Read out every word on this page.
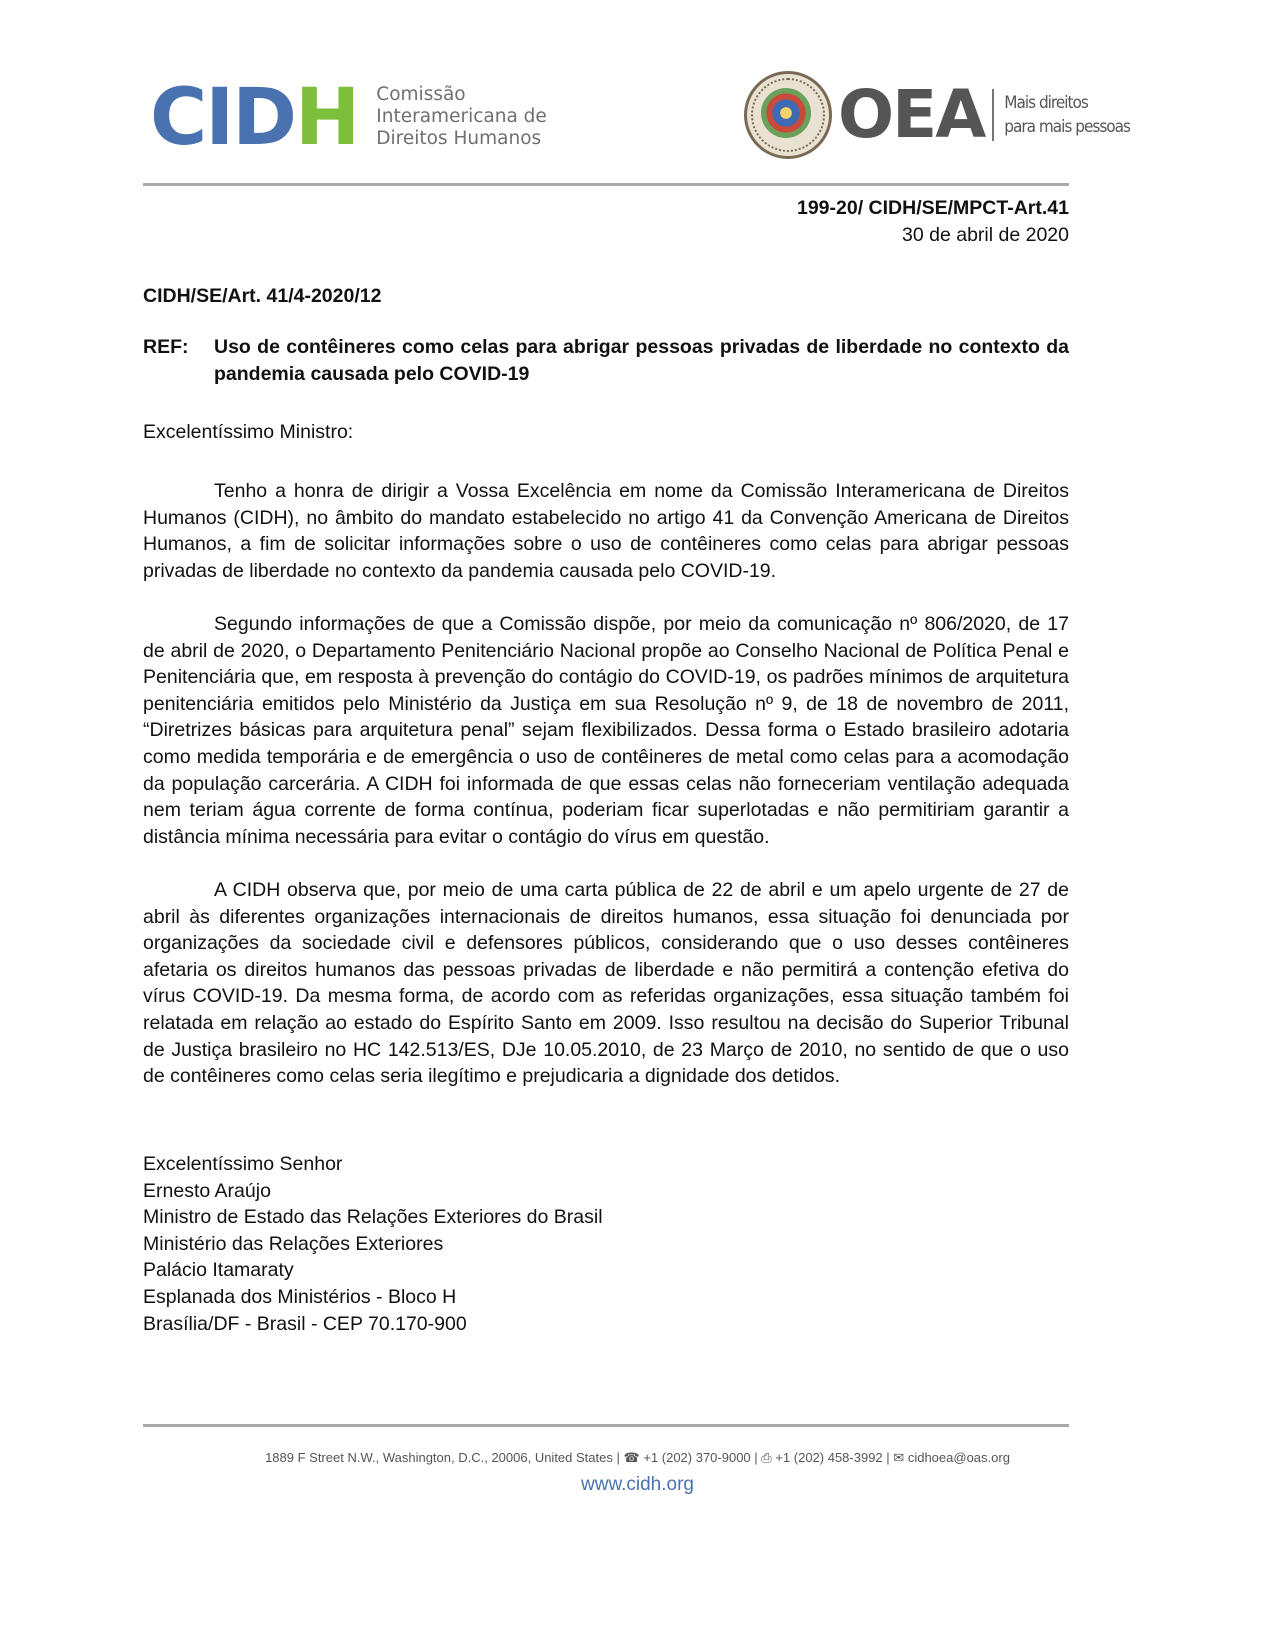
CIDH Comissão
Interamericana de
Direitos Humanos	OEA Mais direitos
para mais pessoas
199-20/ CIDH/SE/MPCT-Art.41
30 de abril de 2020
CIDH/SE/Art. 41/4-2020/12
REF:	Uso de contêineres como celas para abrigar pessoas privadas de liberdade no contexto da pandemia causada pelo COVID-19
Excelentíssimo Ministro:
Tenho a honra de dirigir a Vossa Excelência em nome da Comissão Interamericana de Direitos Humanos (CIDH), no âmbito do mandato estabelecido no artigo 41 da Convenção Americana de Direitos Humanos, a fim de solicitar informações sobre o uso de contêineres como celas para abrigar pessoas privadas de liberdade no contexto da pandemia causada pelo COVID-19.
Segundo informações de que a Comissão dispõe, por meio da comunicação nº 806/2020, de 17 de abril de 2020, o Departamento Penitenciário Nacional propõe ao Conselho Nacional de Política Penal e Penitenciária que, em resposta à prevenção do contágio do COVID-19, os padrões mínimos de arquitetura penitenciária emitidos pelo Ministério da Justiça em sua Resolução nº 9, de 18 de novembro de 2011, “Diretrizes básicas para arquitetura penal” sejam flexibilizados. Dessa forma o Estado brasileiro adotaria como medida temporária e de emergência o uso de contêineres de metal como celas para a acomodação da população carcerária. A CIDH foi informada de que essas celas não forneceriam ventilação adequada nem teriam água corrente de forma contínua, poderiam ficar superlotadas e não permitiriam garantir a distância mínima necessária para evitar o contágio do vírus em questão.
A CIDH observa que, por meio de uma carta pública de 22 de abril e um apelo urgente de 27 de abril às diferentes organizações internacionais de direitos humanos, essa situação foi denunciada por organizações da sociedade civil e defensores públicos, considerando que o uso desses contêineres afetaria os direitos humanos das pessoas privadas de liberdade e não permitirá a contenção efetiva do vírus COVID-19. Da mesma forma, de acordo com as referidas organizações, essa situação também foi relatada em relação ao estado do Espírito Santo em 2009. Isso resultou na decisão do Superior Tribunal de Justiça brasileiro no HC 142.513/ES, DJe 10.05.2010, de 23 Março de 2010, no sentido de que o uso de contêineres como celas seria ilegítimo e prejudicaria a dignidade dos detidos.
Excelentíssimo Senhor
Ernesto Araújo
Ministro de Estado das Relações Exteriores do Brasil
Ministério das Relações Exteriores
Palácio Itamaraty
Esplanada dos Ministérios - Bloco H
Brasília/DF - Brasil - CEP 70.170-900
1889 F Street N.W., Washington, D.C., 20006, United States | ☎ +1 (202) 370-9000 | ⎙ +1 (202) 458-3992 | ✉ cidhoea@oas.org
www.cidh.org
